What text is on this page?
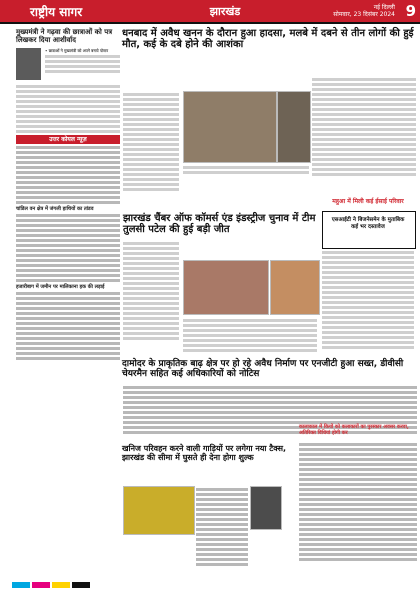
राष्ट्रीय सागर	झारखंड	नई दिल्ली
सोमवार, 23 दिसंबर 2024 9
मुख्यमंत्री ने गढ़वा की छात्राओं को पत्र लिखकर दिया आशीर्वाद
• छात्राओं ने मुख्यमंत्री को अपने बनाये पोस्टर
उत्तर कोयल न्यूज़
चांडिल वन क्षेत्र में जंगली हाथियों का तांडव
हजारीबाग में जमीन पर मालिकाना हक की लड़ाई
धनबाद में अवैध खनन के दौरान हुआ हादसा, मलबे में दबने से तीन लोगों की हुई मौत, कई के दबे होने की आशंका
झारखंड चैंबर ऑफ कॉमर्स एंड इंडस्ट्रीज चुनाव में टीम तुलसी पटेल की हुई बड़ी जीत
महुआ में मिली कई ईसाई परिवार
एसआईटी ने बिजनेसमेन के मुताबिक कई भर दस्तावेज
दामोदर के प्राकृतिक बाढ़ क्षेत्र पर हो रहे अवैध निर्माण पर एनजीटी हुआ सख्त, डीवीसी चेयरमैन सहित कई अधिकारियों को नोटिस
खनिज परिवहन करने वाली गाड़ियों पर लगेगा नया टैक्स, झारखंड की सीमा में घुसते ही देना होगा शुल्क
कालाकाल में कियों को कलाकारों का पुरस्कार अवसर करवा, अतिरिक्त विधियां होगी कर
